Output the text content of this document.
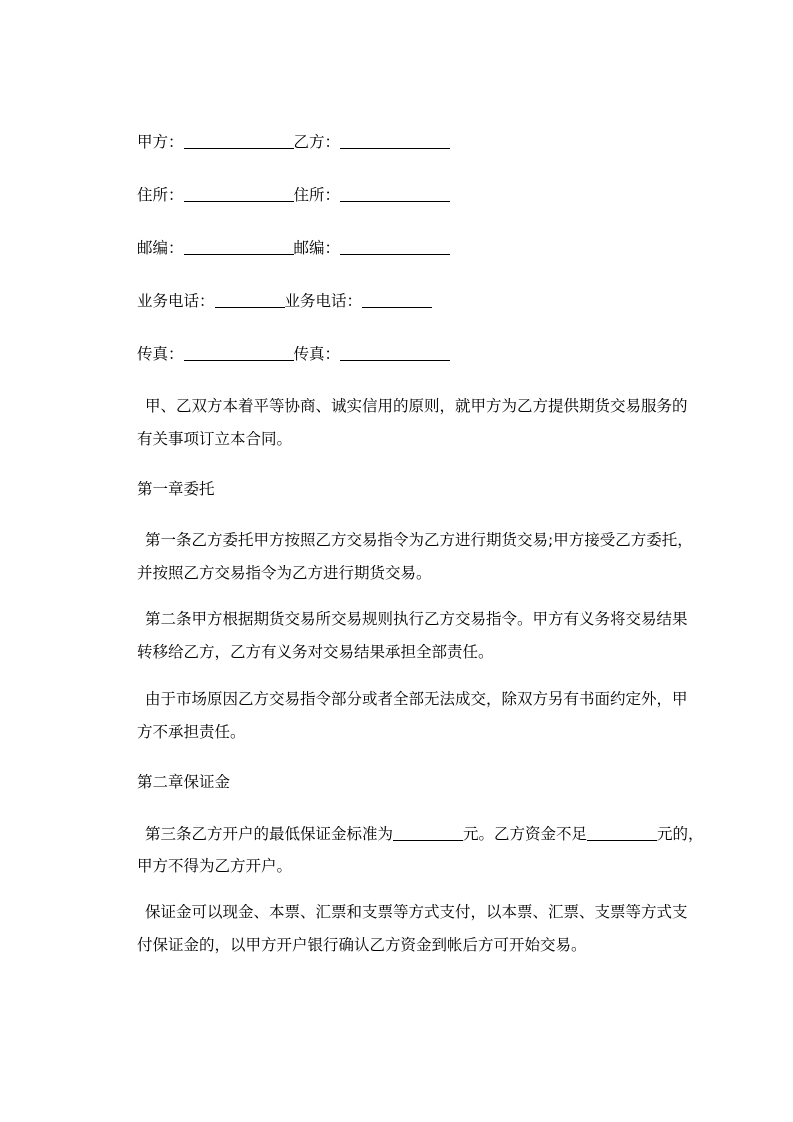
甲方：	乙方：
住所：	住所：
邮编：	邮编：
业务电话：	业务电话：
传真：	传真：
甲、乙双方本着平等协商、诚实信用的原则，就甲方为乙方提供期货交易服务的
有关事项订立本合同。
第一章委托
第一条乙方委托甲方按照乙方交易指令为乙方进行期货交易;甲方接受乙方委托，
并按照乙方交易指令为乙方进行期货交易。
第二条甲方根据期货交易所交易规则执行乙方交易指令。甲方有义务将交易结果
转移给乙方，乙方有义务对交易结果承担全部责任。
由于市场原因乙方交易指令部分或者全部无法成交，除双方另有书面约定外，甲
方不承担责任。
第二章保证金
第三条乙方开户的最低保证金标准为	元。乙方资金不足	元的，
甲方不得为乙方开户。
保证金可以现金、本票、汇票和支票等方式支付，以本票、汇票、支票等方式支
付保证金的，以甲方开户银行确认乙方资金到帐后方可开始交易。
